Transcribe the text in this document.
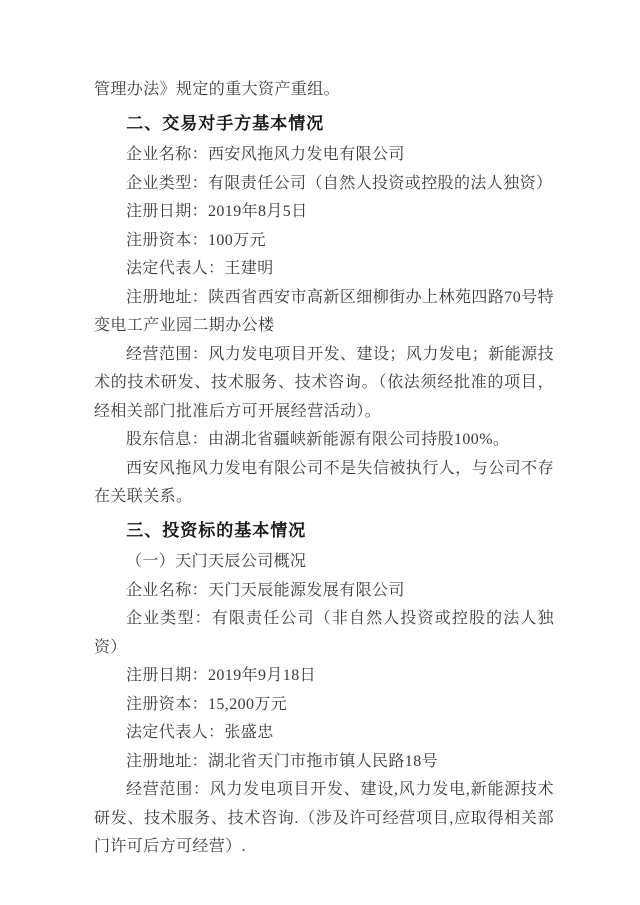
管理办法》规定的重大资产重组。

二、交易对手方基本情况

企业名称：西安风拖风力发电有限公司

企业类型：有限责任公司（自然人投资或控股的法人独资）

注册日期：2019年8月5日

注册资本：100万元

法定代表人：王建明

注册地址：陕西省西安市高新区细柳街办上林苑四路70号特变电工产业园二期办公楼

经营范围：风力发电项目开发、建设；风力发电；新能源技术的技术研发、技术服务、技术咨询。（依法须经批准的项目，经相关部门批准后方可开展经营活动）。

股东信息：由湖北省疆峡新能源有限公司持股100%。

西安风拖风力发电有限公司不是失信被执行人，与公司不存在关联关系。

三、投资标的基本情况

（一）天门天辰公司概况

企业名称：天门天辰能源发展有限公司

企业类型：有限责任公司（非自然人投资或控股的法人独资）

注册日期：2019年9月18日

注册资本：15,200万元

法定代表人：张盛忠

注册地址：湖北省天门市拖市镇人民路18号

经营范围：风力发电项目开发、建设,风力发电,新能源技术研发、技术服务、技术咨询.（涉及许可经营项目,应取得相关部门许可后方可经营）.
